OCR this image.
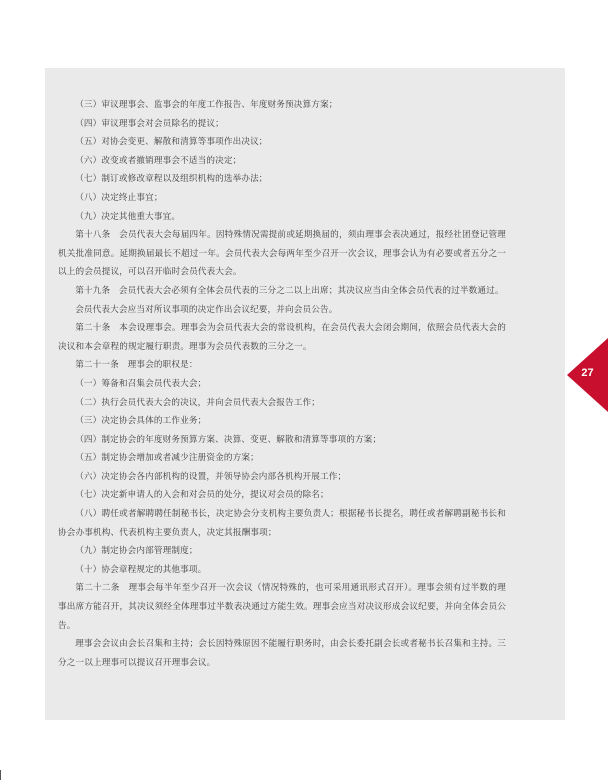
（三）审议理事会、监事会的年度工作报告、年度财务预决算方案；

（四）审议理事会对会员除名的提议；

（五）对协会变更、解散和清算等事项作出决议；

（六）改变或者撤销理事会不适当的决定；

（七）制订或修改章程以及组织机构的选举办法；

（八）决定终止事宜；

（九）决定其他重大事宜。

第十八条　会员代表大会每届四年。因特殊情况需提前或延期换届的，须由理事会表决通过，报经社团登记管理机关批准同意。延期换届最长不超过一年。会员代表大会每两年至少召开一次会议，理事会认为有必要或者五分之一以上的会员提议，可以召开临时会员代表大会。

第十九条　会员代表大会必须有全体会员代表的三分之二以上出席；其决议应当由全体会员代表的过半数通过。

会员代表大会应当对所议事项的决定作出会议纪要，并向会员公告。

第二十条　本会设理事会。理事会为会员代表大会的常设机构，在会员代表大会闭会期间，依照会员代表大会的决议和本会章程的规定履行职责。理事为会员代表数的三分之一。

第二十一条　理事会的职权是：

（一）筹备和召集会员代表大会；

（二）执行会员代表大会的决议，并向会员代表大会报告工作；

（三）决定协会具体的工作业务；

（四）制定协会的年度财务预算方案、决算、变更、解散和清算等事项的方案；

（五）制定协会增加或者减少注册资金的方案；

（六）决定协会各内部机构的设置，并领导协会内部各机构开展工作；

（七）决定新申请人的入会和对会员的处分，提议对会员的除名；

（八）聘任或者解聘聘任制秘书长，决定协会分支机构主要负责人；根据秘书长提名，聘任或者解聘副秘书长和协会办事机构、代表机构主要负责人，决定其报酬事项；

（九）制定协会内部管理制度；

（十）协会章程规定的其他事项。

第二十二条　理事会每半年至少召开一次会议（情况特殊的，也可采用通讯形式召开）。理事会须有过半数的理事出席方能召开，其决议须经全体理事过半数表决通过方能生效。理事会应当对决议形成会议纪要，并向全体会员公告。

理事会会议由会长召集和主持；会长因特殊原因不能履行职务时，由会长委托副会长或者秘书长召集和主持。三分之一以上理事可以提议召开理事会议。

27
